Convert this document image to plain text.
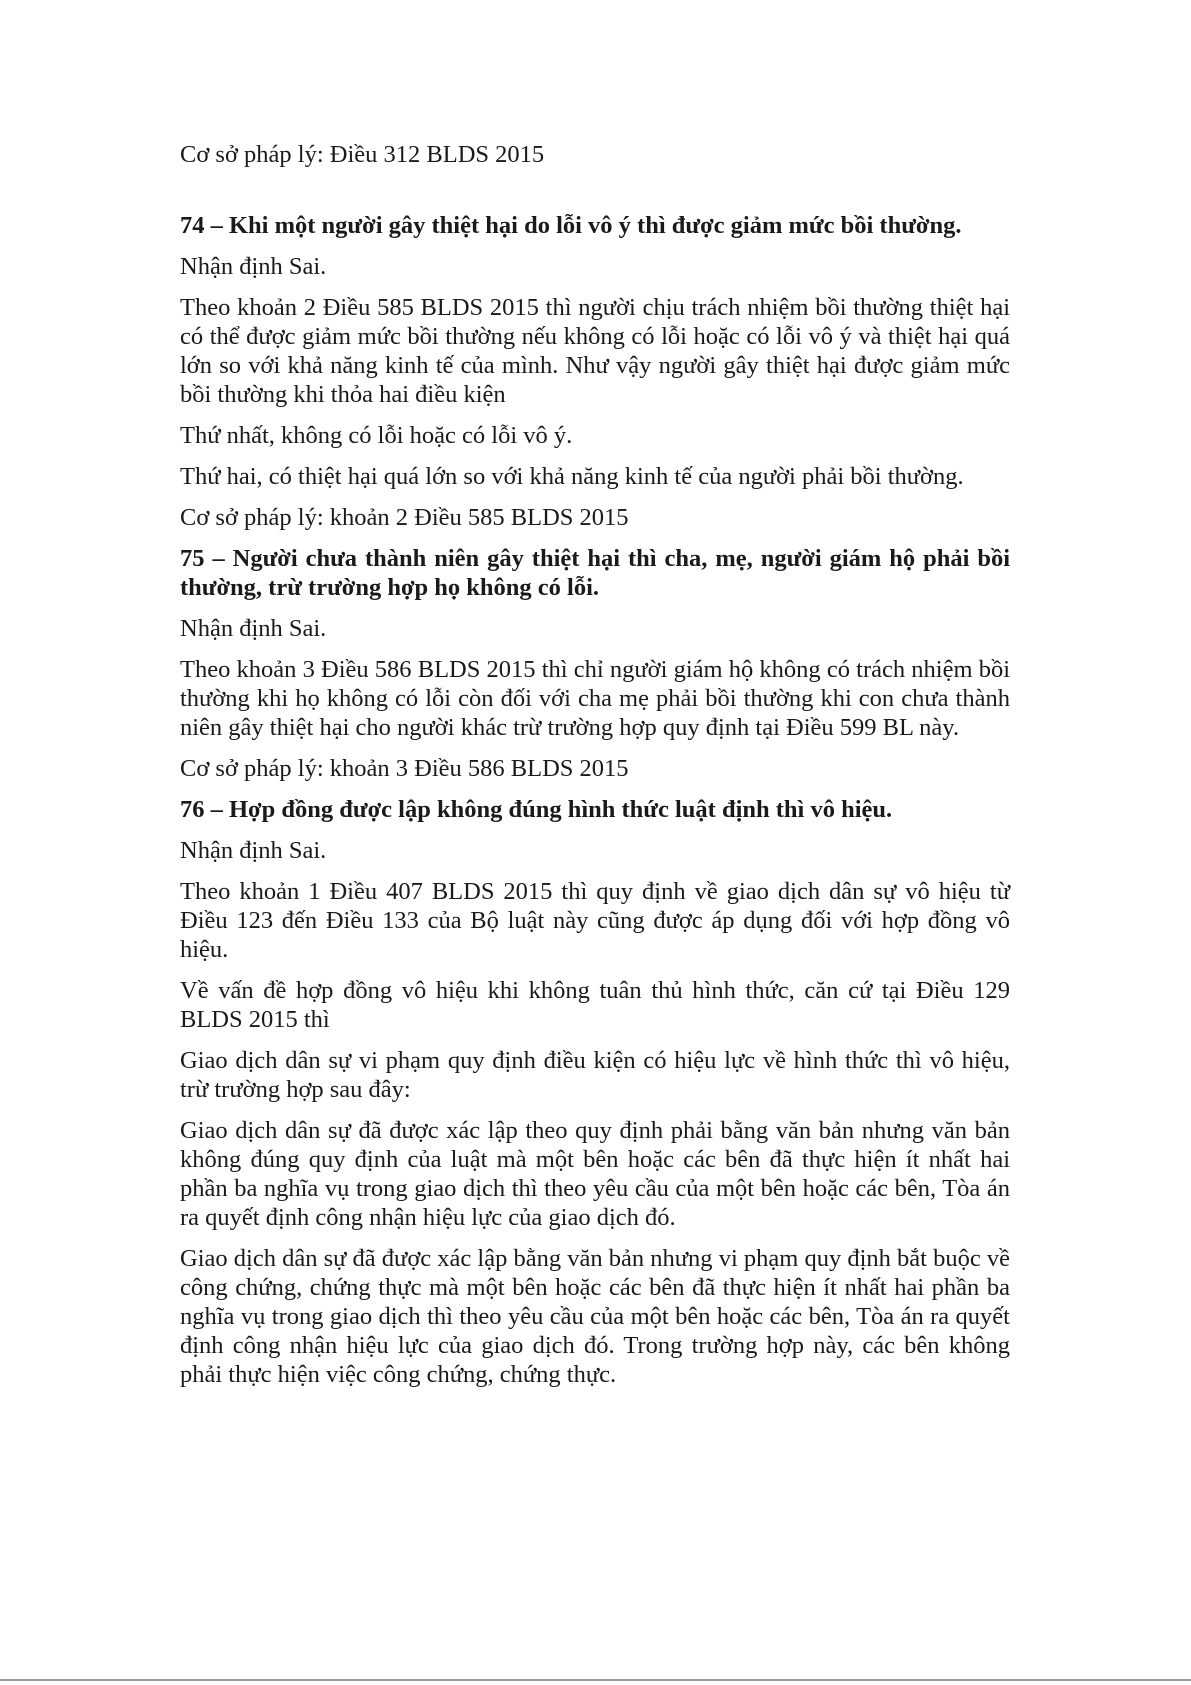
Cơ sở pháp lý: Điều 312 BLDS 2015

74 – Khi một người gây thiệt hại do lỗi vô ý thì được giảm mức bồi thường.

Nhận định Sai.

Theo khoản 2 Điều 585 BLDS 2015 thì người chịu trách nhiệm bồi thường thiệt hại có thể được giảm mức bồi thường nếu không có lỗi hoặc có lỗi vô ý và thiệt hại quá lớn so với khả năng kinh tế của mình. Như vậy người gây thiệt hại được giảm mức bồi thường khi thỏa hai điều kiện

Thứ nhất, không có lỗi hoặc có lỗi vô ý.

Thứ hai, có thiệt hại quá lớn so với khả năng kinh tế của người phải bồi thường.

Cơ sở pháp lý: khoản 2 Điều 585 BLDS 2015

75 – Người chưa thành niên gây thiệt hại thì cha, mẹ, người giám hộ phải bồi thường, trừ trường hợp họ không có lỗi.

Nhận định Sai.

Theo khoản 3 Điều 586 BLDS 2015 thì chỉ người giám hộ không có trách nhiệm bồi thường khi họ không có lỗi còn đối với cha mẹ phải bồi thường khi con chưa thành niên gây thiệt hại cho người khác trừ trường hợp quy định tại Điều 599 BL này.

Cơ sở pháp lý: khoản 3 Điều 586 BLDS 2015

76 – Hợp đồng được lập không đúng hình thức luật định thì vô hiệu.

Nhận định Sai.

Theo khoản 1 Điều 407 BLDS 2015 thì quy định về giao dịch dân sự vô hiệu từ Điều 123 đến Điều 133 của Bộ luật này cũng được áp dụng đối với hợp đồng vô hiệu.

Về vấn đề hợp đồng vô hiệu khi không tuân thủ hình thức, căn cứ tại Điều 129 BLDS 2015 thì

Giao dịch dân sự vi phạm quy định điều kiện có hiệu lực về hình thức thì vô hiệu, trừ trường hợp sau đây:

Giao dịch dân sự đã được xác lập theo quy định phải bằng văn bản nhưng văn bản không đúng quy định của luật mà một bên hoặc các bên đã thực hiện ít nhất hai phần ba nghĩa vụ trong giao dịch thì theo yêu cầu của một bên hoặc các bên, Tòa án ra quyết định công nhận hiệu lực của giao dịch đó.

Giao dịch dân sự đã được xác lập bằng văn bản nhưng vi phạm quy định bắt buộc về công chứng, chứng thực mà một bên hoặc các bên đã thực hiện ít nhất hai phần ba nghĩa vụ trong giao dịch thì theo yêu cầu của một bên hoặc các bên, Tòa án ra quyết định công nhận hiệu lực của giao dịch đó. Trong trường hợp này, các bên không phải thực hiện việc công chứng, chứng thực.
